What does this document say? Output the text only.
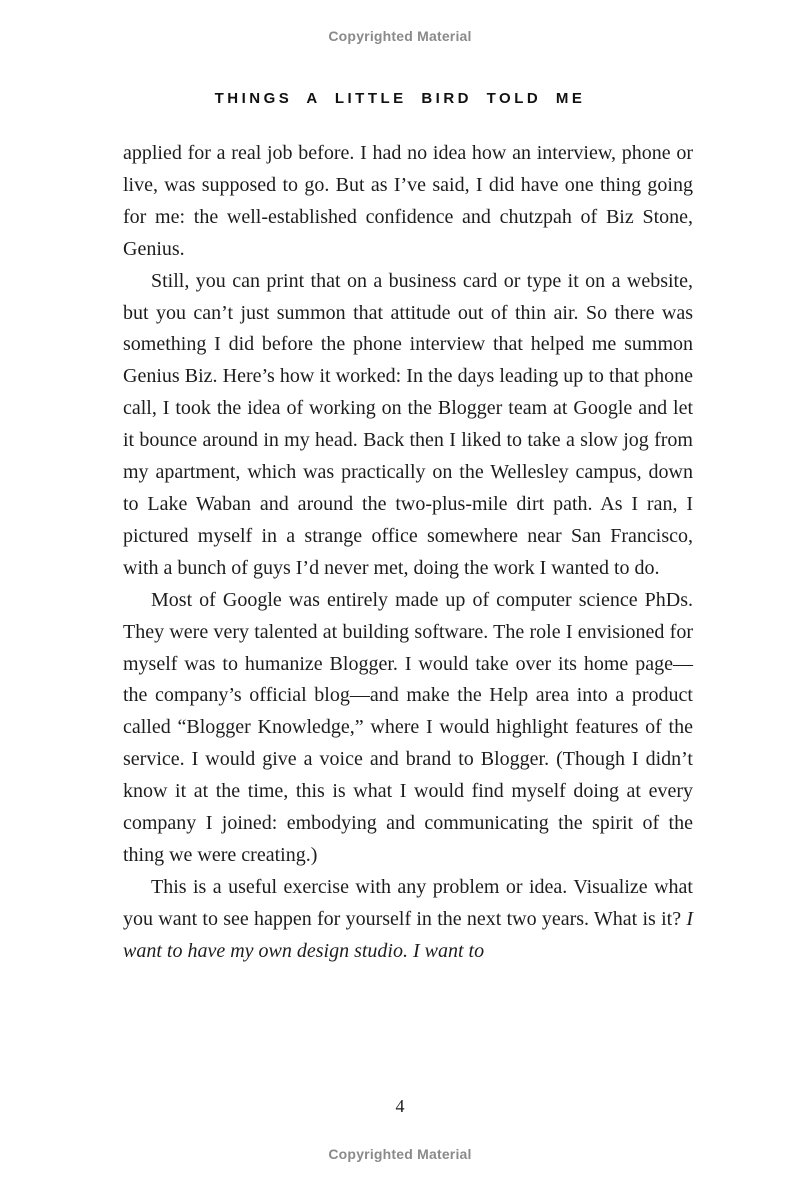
Copyrighted Material
THINGS A LITTLE BIRD TOLD ME

applied for a real job before. I had no idea how an interview, phone or live, was supposed to go. But as I’ve said, I did have one thing going for me: the well-established confidence and chutzpah of Biz Stone, Genius.

Still, you can print that on a business card or type it on a website, but you can’t just summon that attitude out of thin air. So there was something I did before the phone interview that helped me summon Genius Biz. Here’s how it worked: In the days leading up to that phone call, I took the idea of working on the Blogger team at Google and let it bounce around in my head. Back then I liked to take a slow jog from my apartment, which was practically on the Wellesley campus, down to Lake Waban and around the two-plus-mile dirt path. As I ran, I pictured myself in a strange office somewhere near San Francisco, with a bunch of guys I’d never met, doing the work I wanted to do.

Most of Google was entirely made up of computer science PhDs. They were very talented at building software. The role I envisioned for myself was to humanize Blogger. I would take over its home page—the company’s official blog—and make the Help area into a product called “Blogger Knowledge,” where I would highlight features of the service. I would give a voice and brand to Blogger. (Though I didn’t know it at the time, this is what I would find myself doing at every company I joined: embodying and communicating the spirit of the thing we were creating.)

This is a useful exercise with any problem or idea. Visualize what you want to see happen for yourself in the next two years. What is it? I want to have my own design studio. I want to

4
Copyrighted Material
